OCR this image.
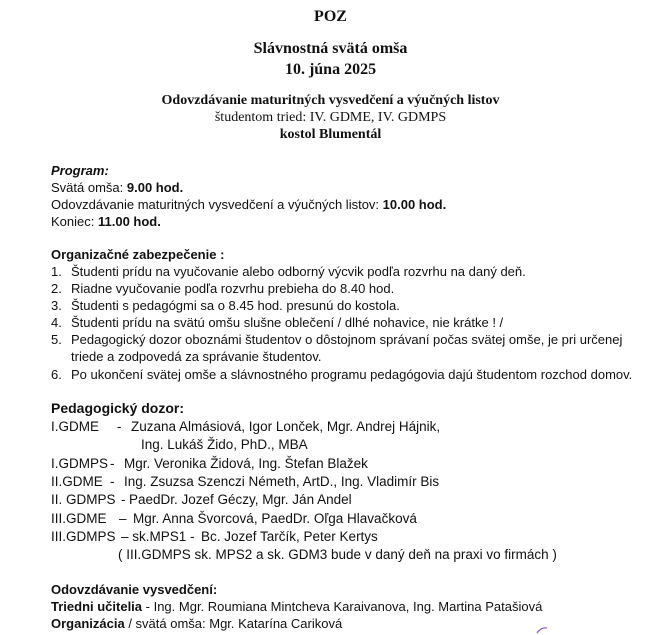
POZ
Slávnostná svätá omša
10. júna 2025
Odovzdávanie maturitných vysvedčení a výučných listov
študentom tried: IV. GDME, IV. GDMPS
kostol Blumentál
Program:
Svätá omša: 9.00 hod.
Odovzdávanie maturitných vysvedčení a výučných listov: 10.00 hod.
Koniec: 11.00 hod.
Organizačné zabezpečenie :
1. Študenti prídu na vyučovanie alebo odborný výcvik podľa rozvrhu na daný deň.
2. Riadne vyučovanie podľa rozvrhu prebieha do 8.40 hod.
3. Študenti s pedagógmi sa o 8.45 hod. presunú do kostola.
4. Študenti prídu na svätú omšu slušne oblečení / dlhé nohavice, nie krátke ! /
5. Pedagogický dozor oboznámi študentov o dôstojnom správaní počas svätej omše, je pri určenej
triede a zodpovedá za správanie študentov.
6. Po ukončení svätej omše a slávnostného programu pedagógovia dajú študentom rozchod domov.
Pedagogický dozor:
I.GDME - Zuzana Almásiová, Igor Lonček, Mgr. Andrej Hájnik,
Ing. Lukáš Žido, PhD., MBA
I.GDMPS - Mgr. Veronika Židová, Ing. Štefan Blažek
II.GDME - Ing. Zsuzsa Szenczi Németh, ArtD., Ing. Vladimír Bis
II. GDMPS - PaedDr. Jozef Géczy, Mgr. Ján Andel
III.GDME – Mgr. Anna Švorcová, PaedDr. Oľga Hlavačková
III.GDMPS – sk.MPS1 - Bc. Jozef Tarčík, Peter Kertys
( III.GDMPS sk. MPS2 a sk. GDM3 bude v daný deň na praxi vo firmách )
Odovzdávanie vysvedčení:
Triedni učitelia - Ing. Mgr. Roumiana Mintcheva Karaivanova, Ing. Martina Patašiová
Organizácia / svätá omša: Mgr. Katarína Cariková
